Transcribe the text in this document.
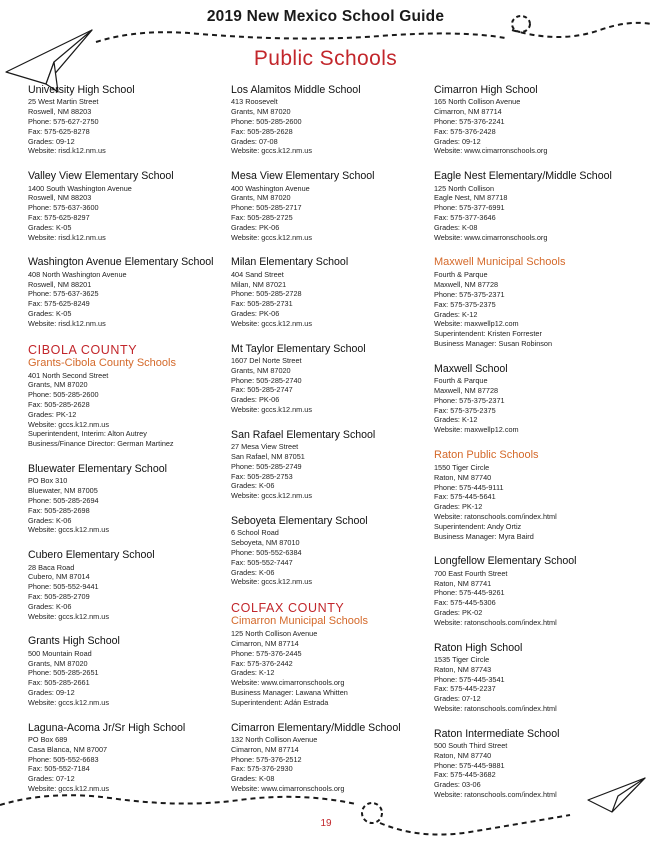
2019 New Mexico School Guide
Public Schools
University High School
25 West Martin Street
Roswell, NM 88203
Phone: 575-627-2750
Fax: 575-625-8278
Grades: 09-12
Website: risd.k12.nm.us
Valley View Elementary School
1400 South Washington Avenue
Roswell, NM 88203
Phone: 575-637-3600
Fax: 575-625-8297
Grades: K-05
Website: risd.k12.nm.us
Washington Avenue Elementary School
408 North Washington Avenue
Roswell, NM 88201
Phone: 575-637-3625
Fax: 575-625-8249
Grades: K-05
Website: risd.k12.nm.us
CIBOLA COUNTY
Grants-Cibola County Schools
401 North Second Street
Grants, NM 87020
Phone: 505-285-2600
Fax: 505-285-2628
Grades: PK-12
Website: gccs.k12.nm.us
Superintendent, Interim: Alton Autrey
Business/Finance Director: German Martinez
Bluewater Elementary School
PO Box 310
Bluewater, NM 87005
Phone: 505-285-2694
Fax: 505-285-2698
Grades: K-06
Website: gccs.k12.nm.us
Cubero Elementary School
28 Baca Road
Cubero, NM 87014
Phone: 505-552-9441
Fax: 505-285-2709
Grades: K-06
Website: gccs.k12.nm.us
Grants High School
500 Mountain Road
Grants, NM 87020
Phone: 505-285-2651
Fax: 505-285-2661
Grades: 09-12
Website: gccs.k12.nm.us
Laguna-Acoma Jr/Sr High School
PO Box 689
Casa Blanca, NM 87007
Phone: 505-552-6683
Fax: 505-552-7184
Grades: 07-12
Website: gccs.k12.nm.us
Los Alamitos Middle School
413 Roosevelt
Grants, NM 87020
Phone: 505-285-2600
Fax: 505-285-2628
Grades: 07-08
Website: gccs.k12.nm.us
Mesa View Elementary School
400 Washington Avenue
Grants, NM 87020
Phone: 505-285-2717
Fax: 505-285-2725
Grades: PK-06
Website: gccs.k12.nm.us
Milan Elementary School
404 Sand Street
Milan, NM 87021
Phone: 505-285-2728
Fax: 505-285-2731
Grades: PK-06
Website: gccs.k12.nm.us
Mt Taylor Elementary School
1607 Del Norte Street
Grants, NM 87020
Phone: 505-285-2740
Fax: 505-285-2747
Grades: PK-06
Website: gccs.k12.nm.us
San Rafael Elementary School
27 Mesa View Street
San Rafael, NM 87051
Phone: 505-285-2749
Fax: 505-285-2753
Grades: K-06
Website: gccs.k12.nm.us
Seboyeta Elementary School
6 School Road
Seboyeta, NM 87010
Phone: 505-552-6384
Fax: 505-552-7447
Grades: K-06
Website: gccs.k12.nm.us
COLFAX COUNTY
Cimarron Municipal Schools
125 North Collison Avenue
Cimarron, NM 87714
Phone: 575-376-2445
Fax: 575-376-2442
Grades: K-12
Website: www.cimarronschools.org
Business Manager: Lawana Whitten
Superintendent: Adán Estrada
Cimarron Elementary/Middle School
132 North Collison Avenue
Cimarron, NM 87714
Phone: 575-376-2512
Fax: 575-376-2930
Grades: K-08
Website: www.cimarronschools.org
Cimarron High School
165 North Collison Avenue
Cimarron, NM 87714
Phone: 575-376-2241
Fax: 575-376-2428
Grades: 09-12
Website: www.cimarronschools.org
Eagle Nest Elementary/Middle School
125 North Collison
Eagle Nest, NM 87718
Phone: 575-377-6991
Fax: 575-377-3646
Grades: K-08
Website: www.cimarronschools.org
Maxwell Municipal Schools
Fourth & Parque
Maxwell, NM 87728
Phone: 575-375-2371
Fax: 575-375-2375
Grades: K-12
Website: maxwellp12.com
Superintendent: Kristen Forrester
Business Manager: Susan Robinson
Maxwell School
Fourth & Parque
Maxwell, NM 87728
Phone: 575-375-2371
Fax: 575-375-2375
Grades: K-12
Website: maxwellp12.com
Raton Public Schools
1550 Tiger Circle
Raton, NM 87740
Phone: 575-445-9111
Fax: 575-445-5641
Grades: PK-12
Website: ratonschools.com/index.html
Superintendent: Andy Ortiz
Business Manager: Myra Baird
Longfellow Elementary School
700 East Fourth Street
Raton, NM 87741
Phone: 575-445-9261
Fax: 575-445-5306
Grades: PK-02
Website: ratonschools.com/index.html
Raton High School
1535 Tiger Circle
Raton, NM 87743
Phone: 575-445-3541
Fax: 575-445-2237
Grades: 07-12
Website: ratonschools.com/index.html
Raton Intermediate School
500 South Third Street
Raton, NM 87740
Phone: 575-445-9881
Fax: 575-445-3682
Grades: 03-06
Website: ratonschools.com/index.html
19
